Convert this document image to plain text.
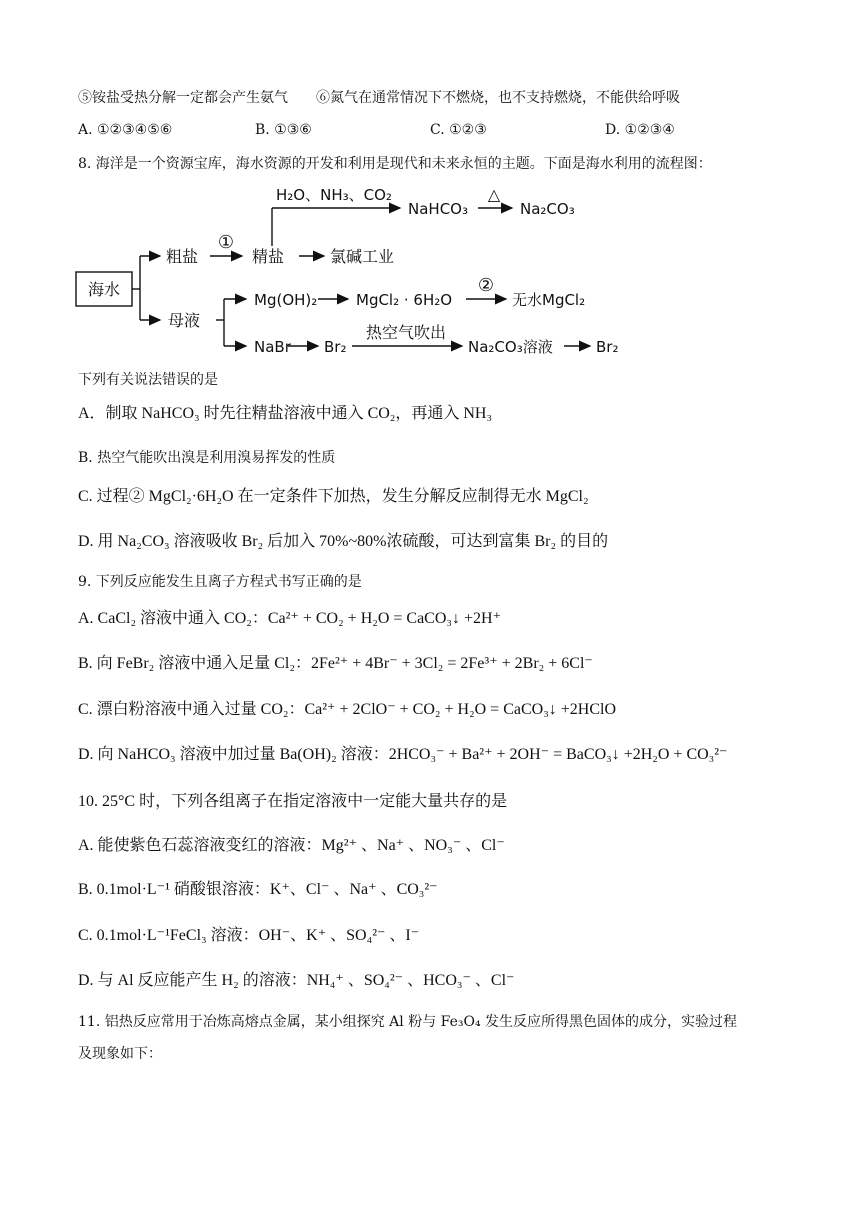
⑤铵盐受热分解一定都会产生氨气　　⑥氮气在通常情况下不燃烧，也不支持燃烧，不能供给呼吸
A. ①②③④⑤⑥	B. ①③⑥	C. ①②③	D. ①②③④
8. 海洋是一个资源宝库，海水资源的开发和利用是现代和未来永恒的主题。下面是海水利用的流程图：
海水
粗盐
①
精盐	氯碱工业
H₂O、NH₃、CO₂
NaHCO₃
△
Na₂CO₃
母液
Mg(OH)₂	MgCl₂ · 6H₂O
②
无水MgCl₂
NaBr Br₂
热空气吹出
Na₂CO₃溶液	Br₂
下列有关说法错误的是
A．制取 NaHCO₃ 时先往精盐溶液中通入 CO₂，再通入 NH₃
B. 热空气能吹出溴是利用溴易挥发的性质
C. 过程② MgCl₂·6H₂O 在一定条件下加热，发生分解反应制得无水 MgCl₂
D. 用 Na₂CO₃ 溶液吸收 Br₂ 后加入 70%~80%浓硫酸，可达到富集 Br₂ 的目的
9. 下列反应能发生且离子方程式书写正确的是
A. CaCl₂ 溶液中通入 CO₂：Ca²⁺ + CO₂ + H₂O = CaCO₃↓ +2H⁺
B. 向 FeBr₂ 溶液中通入足量 Cl₂：2Fe²⁺ + 4Br⁻ + 3Cl₂ = 2Fe³⁺ + 2Br₂ + 6Cl⁻
C. 漂白粉溶液中通入过量 CO₂：Ca²⁺ + 2ClO⁻ + CO₂ + H₂O = CaCO₃↓ +2HClO
D. 向 NaHCO₃ 溶液中加过量 Ba(OH)₂ 溶液：2HCO₃⁻ + Ba²⁺ + 2OH⁻ = BaCO₃↓ +2H₂O + CO₃²⁻
10. 25°C 时，下列各组离子在指定溶液中一定能大量共存的是
A. 能使紫色石蕊溶液变红的溶液：Mg²⁺ 、Na⁺ 、NO₃⁻ 、Cl⁻
B. 0.1mol·L⁻¹ 硝酸银溶液：K⁺、Cl⁻ 、Na⁺ 、CO₃²⁻
C. 0.1mol·L⁻¹FeCl₃ 溶液：OH⁻、K⁺ 、SO₄²⁻ 、I⁻
D. 与 Al 反应能产生 H₂ 的溶液：NH₄⁺ 、SO₄²⁻ 、HCO₃⁻ 、Cl⁻
11. 铝热反应常用于冶炼高熔点金属，某小组探究 Al 粉与 Fe₃O₄ 发生反应所得黑色固体的成分，实验过程
及现象如下：
